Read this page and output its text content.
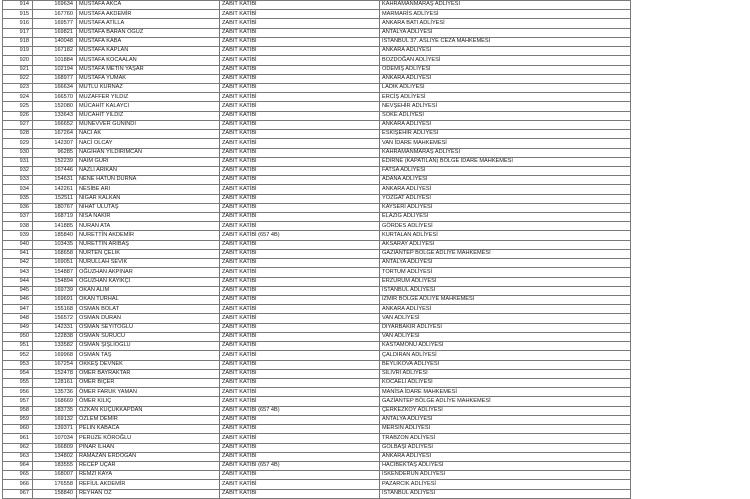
914	169634	MUSTAFA AKCA	ZABIT KATİBİ	KAHRAMANMARAŞ ADLİYESİ	
915	167760	MUSTAFA AKDEMİR	ZABIT KATİBİ	MARMARİS ADLİYESİ	
916	169577	MUSTAFA ATİLLA	ZABIT KATİBİ	ANKARA BATI ADLİYESİ	
917	169821	MUSTAFA BARAN OĞUZ	ZABIT KATİBİ	ANTALYA ADLİYESİ	
918	140048	MUSTAFA KABA	ZABIT KATİBİ	İSTANBUL 37. ASLİYE CEZA MAHKEMESİ	
919	167182	MUSTAFA KAPLAN	ZABIT KATİBİ	ANKARA ADLİYESİ	
920	101884	MUSTAFA KOCAALAN	ZABIT KATİBİ	BOZDOĞAN ADLİYESİ	
921	102194	MUSTAFA METİN YAŞAR	ZABIT KATİBİ	ÖDEMİŞ ADLİYESİ	
922	168977	MUSTAFA YUMAK	ZABIT KATİBİ	ANKARA ADLİYESİ	
923	166634	MUTLU KURNAZ	ZABIT KATİBİ	LADİK ADLİYESİ	
924	166570	MUZAFFER YILDIZ	ZABIT KATİBİ	ERCİŞ ADLİYESİ	
925	152080	MÜCAHİT KALAYCI	ZABIT KATİBİ	NEVŞEHİR ADLİYESİ	
926	133643	MÜCAHİT YILDIZ	ZABIT KATİBİ	SÖKE ADLİYESİ	
927	166652	MÜNEVVER GÜNİNDİ	ZABIT KATİBİ	ANKARA ADLİYESİ	
928	167264	NACİ AK	ZABIT KATİBİ	ESKİŞEHİR ADLİYESİ	
929	142307	NACİ OLCAY	ZABIT KATİBİ	VAN İDARE MAHKEMESİ	
930	96285	NAĞİHAN YILDIRIMCAN	ZABIT KATİBİ	KAHRAMANMARAŞ ADLİYESİ	
931	152239	NAİM GÜRİ	ZABIT KATİBİ	EDİRNE (KAPATILAN) BÖLGE İDARE MAHKEMESİ	
932	167446	NAZLI ARIKAN	ZABIT KATİBİ	FATSA ADLİYESİ	
933	154631	NENE HATUN DURNA	ZABIT KATİBİ	ADANA ADLİYESİ	
934	142261	NESİBE ARI	ZABIT KATİBİ	ANKARA ADLİYESİ	
935	152511	NİGAR KALKAN	ZABIT KATİBİ	YOZGAT ADLİYESİ	
936	180767	NİHAT ULUTAŞ	ZABIT KATİBİ	KAYSERİ ADLİYESİ	
937	168719	NİSA NAKİR	ZABIT KATİBİ	ELAZIĞ ADLİYESİ	
938	141885	NURAN ATA	ZABIT KATİBİ	GÖRDES ADLİYESİ	
939	185840	NURETTİN AKDEMİR	ZABIT KATİBİ (657 4B)	KURTALAN ADLİYESİ	
940	103435	NURETTİN ARIBAŞ	ZABIT KATİBİ	AKSARAY ADLİYESİ	
941	168658	NURTEN ÇELİK	ZABIT KATİBİ	GAZİANTEP BÖLGE ADLİYE MAHKEMESİ	
942	169051	NURULLAH SEVİK	ZABIT KATİBİ	ANTALYA ADLİYESİ	
943	154887	OĞUZHAN AKPINAR	ZABIT KATİBİ	TORTUM ADLİYESİ	
944	154894	OĞUZHAN KAYIKÇI	ZABIT KATİBİ	ERZURUM ADLİYESİ	
945	169739	OKAN ALİM	ZABIT KATİBİ	İSTANBUL ADLİYESİ	
946	169691	OKAN TURHAL	ZABIT KATİBİ	İZMİR BÖLGE ADLİYE MAHKEMESİ	
947	155168	OSMAN BOLAT	ZABIT KATİBİ	ANKARA ADLİYESİ	
948	156572	OSMAN DURAN	ZABIT KATİBİ	VAN ADLİYESİ	
949	142331	OSMAN SEYİTOĞLU	ZABIT KATİBİ	DİYARBAKIR ADLİYESİ	
950	122838	OSMAN SÜRÜCÜ	ZABIT KATİBİ	VAN ADLİYESİ	
951	133582	OSMAN ŞİŞLİOĞLU	ZABIT KATİBİ	KASTAMONU ADLİYESİ	
952	169968	OSMAN TAŞ	ZABIT KATİBİ	ÇALDIRAN ADLİYESİ	
953	167254	ÖKKEŞ DEVNEK	ZABIT KATİBİ	BEYLİKOVA ADLİYESİ	
954	152478	ÖMER BAYRAKTAR	ZABIT KATİBİ	SİLİVRİ ADLİYESİ	
955	128161	ÖMER BİÇER	ZABIT KATİBİ	KOCAELİ ADLİYESİ	
956	135736	ÖMER FARUK YAMAN	ZABIT KATİBİ	MANİSA İDARE MAHKEMESİ	
957	168669	ÖMER KILIÇ	ZABIT KATİBİ	GAZİANTEP BÖLGE ADLİYE MAHKEMESİ	
958	183735	ÖZKAN KÜÇÜKKAPDAN	ZABIT KATİBİ (657 4B)	ÇERKEZKÖY ADLİYESİ	
959	169132	ÖZLEM DEMİR	ZABIT KATİBİ	ANTALYA ADLİYESİ	
960	139371	PELİN KABACA	ZABIT KATİBİ	MERSİN ADLİYESİ	
961	107034	PERUZE KÖROĞLU	ZABIT KATİBİ	TRABZON ADLİYESİ	
962	166809	PINAR İLHAN	ZABIT KATİBİ	GÖLBAŞI ADLİYESİ	
963	134802	RAMAZAN ERDOĞAN	ZABIT KATİBİ	ANKARA ADLİYESİ	
964	183555	RECEP UÇAR	ZABIT KATİBİ (657 4B)	HACIBEKTAŞ ADLİYESİ	
965	168007	REMZİ KAYA	ZABIT KATİBİ	İSKENDERUN ADLİYESİ	
966	176558	REFİUL AKDEMİR	ZABIT KATİBİ	PAZARCIK ADLİYESİ	
967	158840	REYHAN ÖZ	ZABIT KATİBİ	İSTANBUL ADLİYESİ	
